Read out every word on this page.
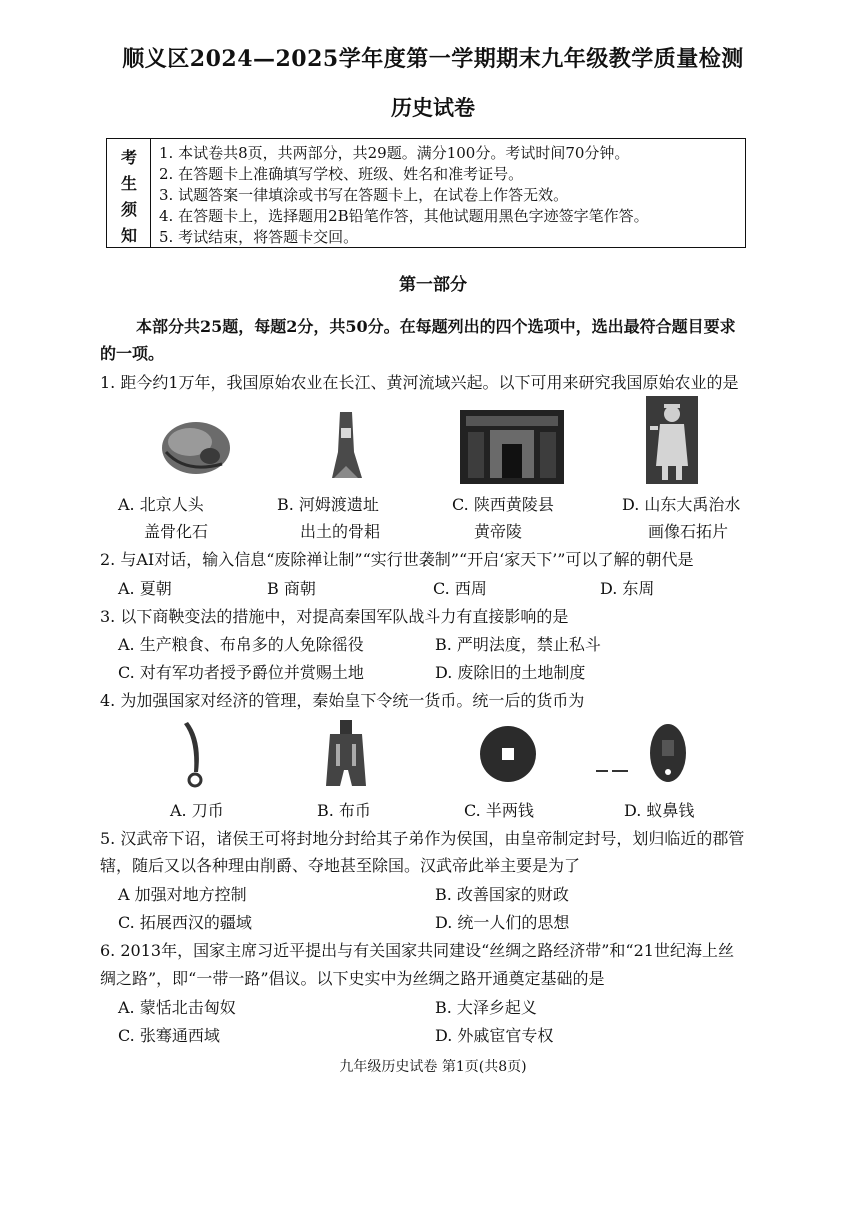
顺义区2024—2025学年度第一学期期末九年级教学质量检测
历史试卷
考
生
须
知
1. 本试卷共8页，共两部分，共29题。满分100分。考试时间70分钟。
2. 在答题卡上准确填写学校、班级、姓名和准考证号。
3. 试题答案一律填涂或书写在答题卡上，在试卷上作答无效。
4. 在答题卡上，选择题用2B铅笔作答，其他试题用黑色字迹签字笔作答。
5. 考试结束，将答题卡交回。
第一部分
本部分共25题，每题2分，共50分。在每题列出的四个选项中，选出最符合题目要求
的一项。
1. 距今约1万年，我国原始农业在长江、黄河流域兴起。以下可用来研究我国原始农业的是
A. 北京人头
盖骨化石
B. 河姆渡遗址
出土的骨耜
C. 陕西黄陵县
黄帝陵
D. 山东大禹治水
画像石拓片
2. 与AI对话，输入信息“废除禅让制”“实行世袭制”“开启‘家天下’”可以了解的朝代是
A. 夏朝	B 商朝	C. 西周	D. 东周
3. 以下商鞅变法的措施中，对提高秦国军队战斗力有直接影响的是
A. 生产粮食、布帛多的人免除徭役	B. 严明法度，禁止私斗
C. 对有军功者授予爵位并赏赐土地	D. 废除旧的土地制度
4. 为加强国家对经济的管理，秦始皇下令统一货币。统一后的货币为
A. 刀币	B. 布币	C. 半两钱	D. 蚁鼻钱
5. 汉武帝下诏，诸侯王可将封地分封给其子弟作为侯国，由皇帝制定封号，划归临近的郡管
辖，随后又以各种理由削爵、夺地甚至除国。汉武帝此举主要是为了
A 加强对地方控制	B. 改善国家的财政
C. 拓展西汉的疆域	D. 统一人们的思想
6. 2013年，国家主席习近平提出与有关国家共同建设“丝绸之路经济带”和“21世纪海上丝
绸之路”，即“一带一路”倡议。以下史实中为丝绸之路开通奠定基础的是
A. 蒙恬北击匈奴	B. 大泽乡起义
C. 张骞通西域	D. 外戚宦官专权
九年级历史试卷 第1页(共8页)
